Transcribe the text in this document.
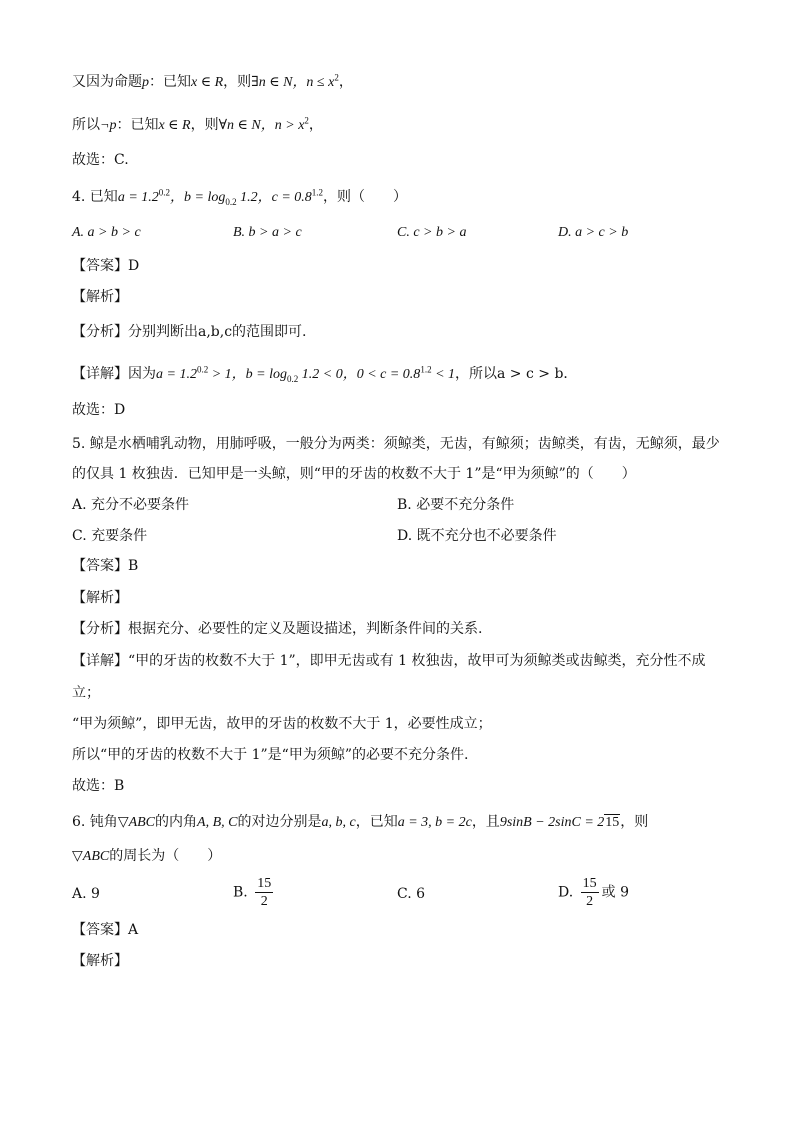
又因为命题p：已知x ∈ R，则∃n ∈ N，$n \le x^2$，
所以¬p：已知x ∈ R，则∀n ∈ N，$n > x^2$，
故选：C.
4. 已知$a = 1.2^{0.2}$，$b = \log_{0.2} 1.2$，$c = 0.8^{1.2}$，则（　　）
A. a > b > c	B. b > a > c	C. c > b > a	D. a > c > b
【答案】D
【解析】
【分析】分别判断出a,b,c的范围即可.
【详解】因为$a = 1.2^{0.2} > 1$，$b = \log_{0.2} 1.2 < 0$，$0 < c = 0.8^{1.2} < 1$，所以a > c > b．
故选：D
5. 鲸是水栖哺乳动物，用肺呼吸，一般分为两类：须鲸类，无齿，有鲸须；齿鲸类，有齿，无鲸须，最少
的仅具 1 枚独齿．已知甲是一头鲸，则“甲的牙齿的枚数不大于 1”是“甲为须鲸”的（　　）
A. 充分不必要条件	B. 必要不充分条件
C. 充要条件	D. 既不充分也不必要条件
【答案】B
【解析】
【分析】根据充分、必要性的定义及题设描述，判断条件间的关系.
【详解】“甲的牙齿的枚数不大于 1”，即甲无齿或有 1 枚独齿，故甲可为须鲸类或齿鲸类，充分性不成
立；
“甲为须鲸”，即甲无齿，故甲的牙齿的枚数不大于 1，必要性成立；
所以“甲的牙齿的枚数不大于 1”是“甲为须鲸”的必要不充分条件.
故选：B
6. 钝角▽ABC的内角A, B, C的对边分别是a, b, c，已知a = 3, b = 2c，且9sinB − 2sinC = 215，则
▽ABC的周长为（　　）
A. 9	B. $\frac{15}{2}$	C. 6	D. $\frac{15}{2}$ 或 9
【答案】A
【解析】
